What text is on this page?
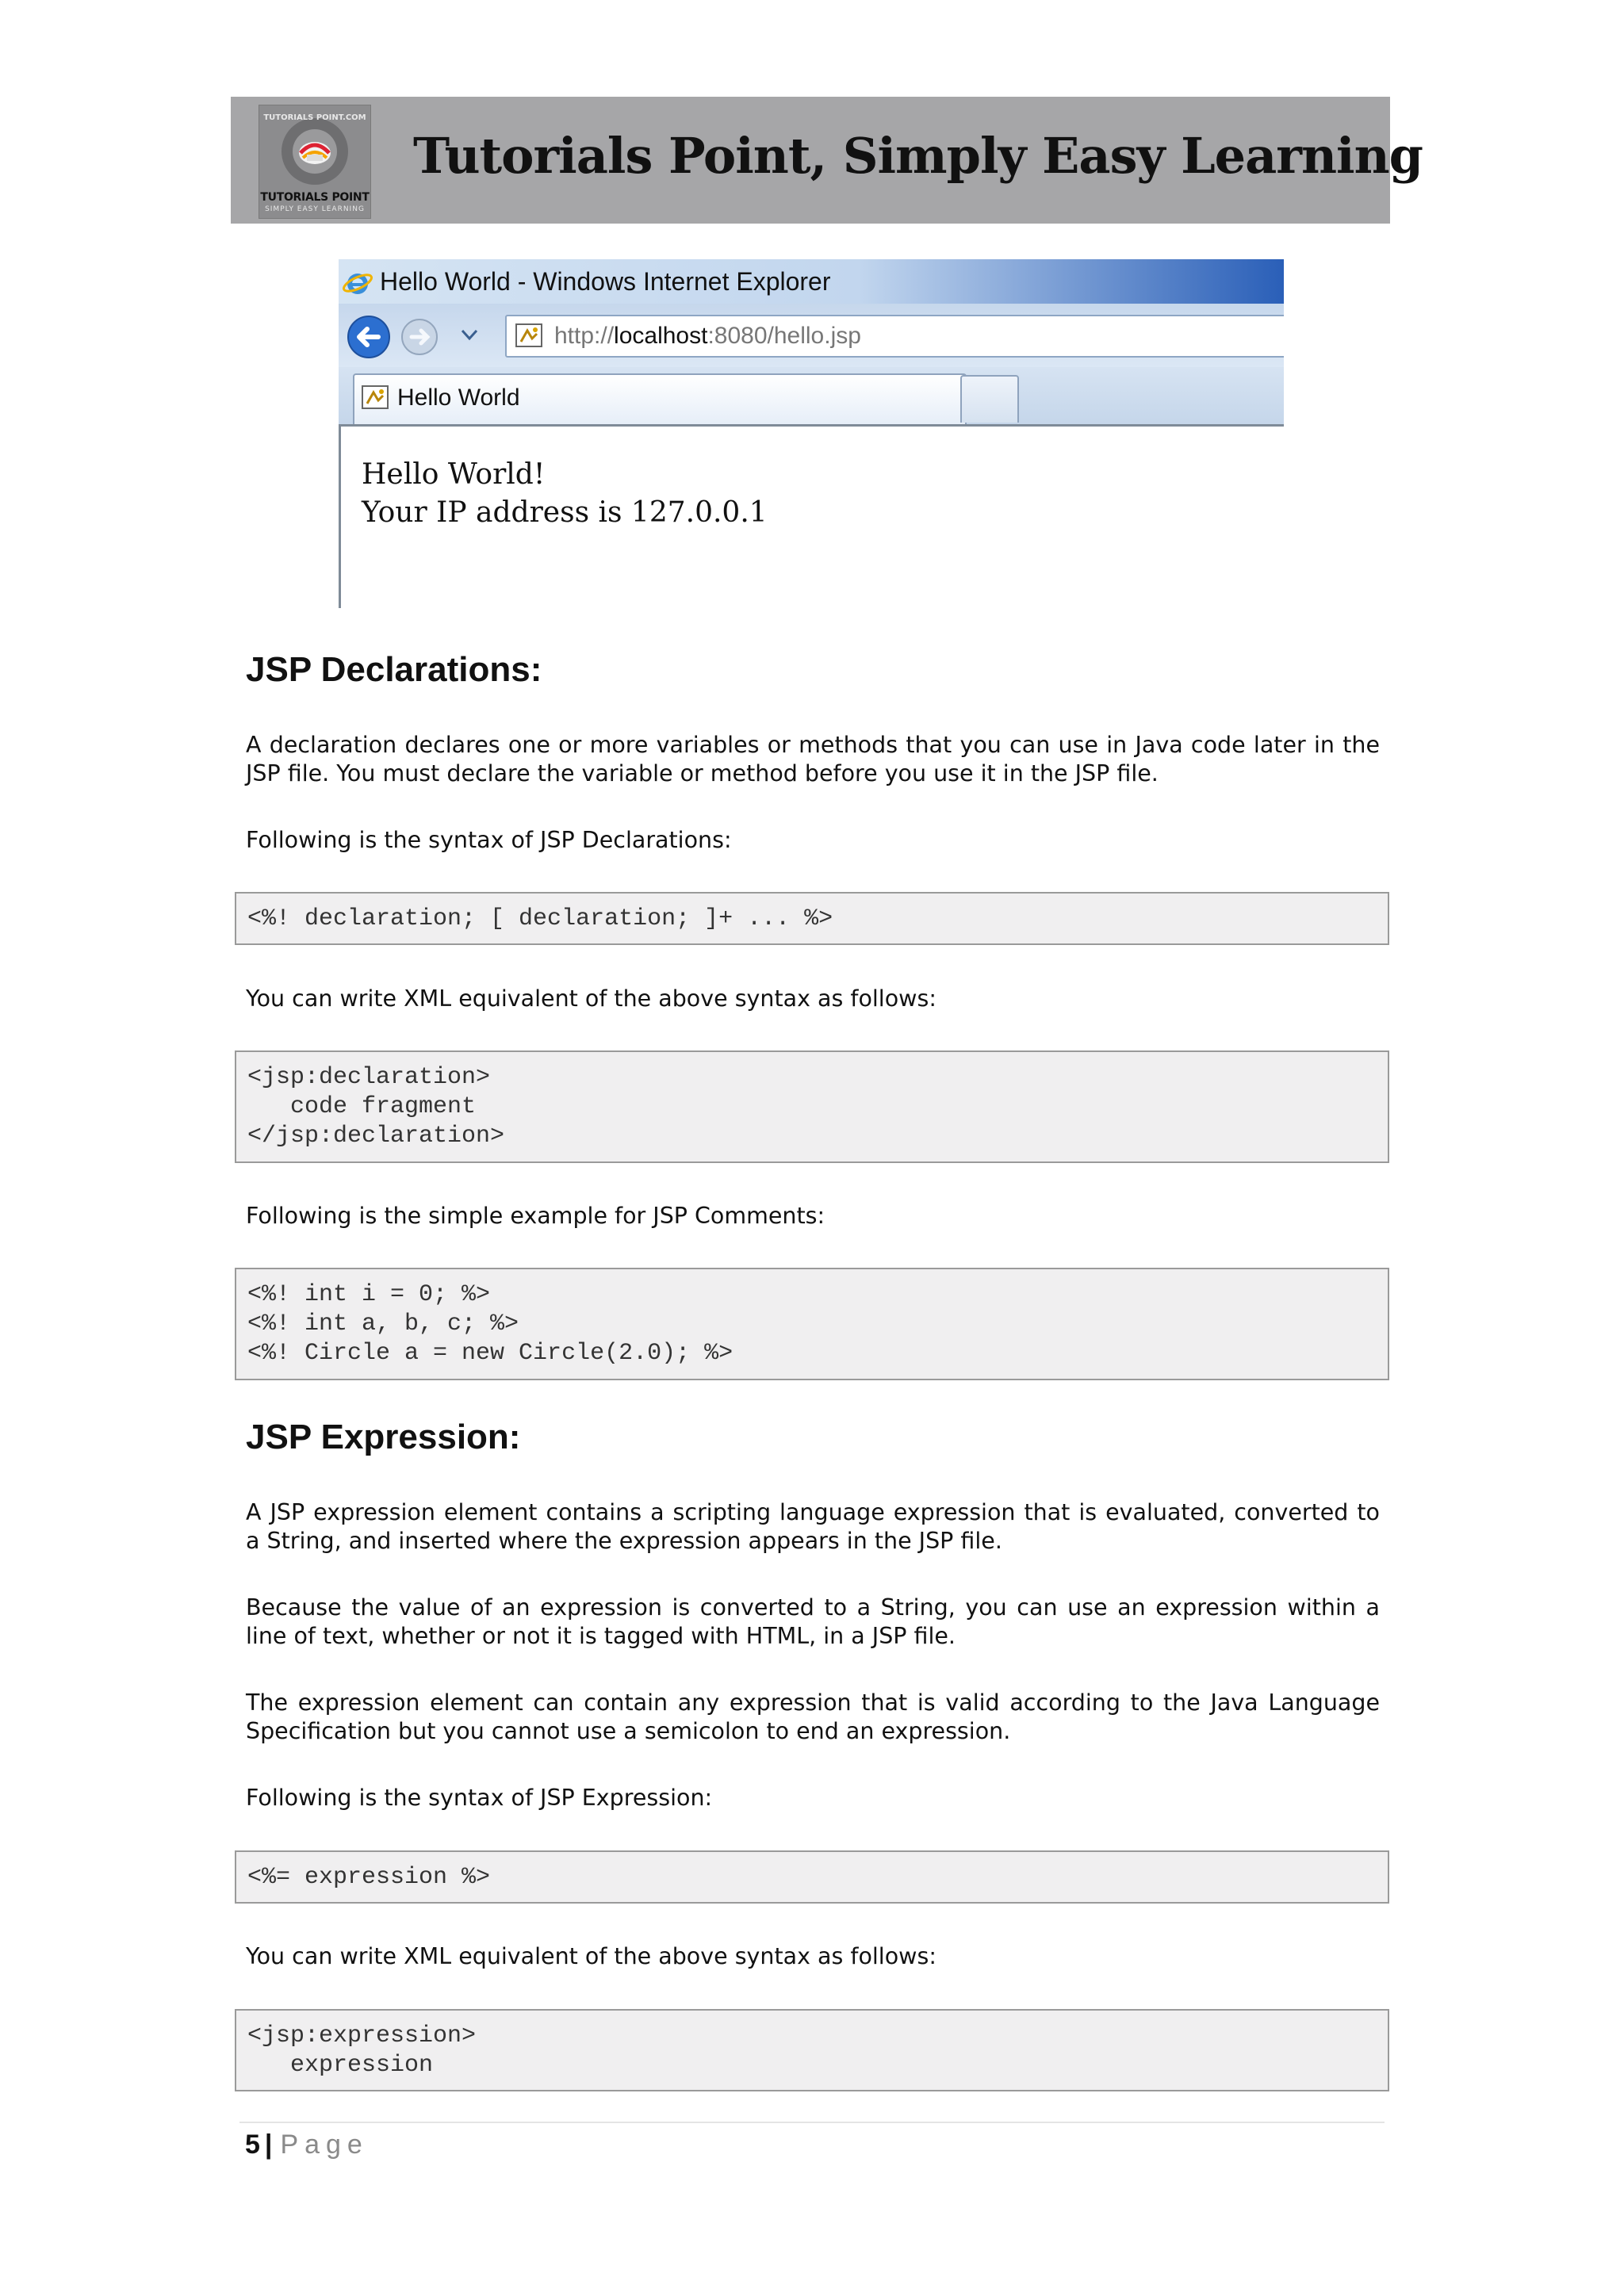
TUTORIALS POINT.COM
TUTORIALS POINT
SIMPLY EASY LEARNING
Tutorials Point, Simply Easy Learning
Hello World - Windows Internet Explorer
http://localhost:8080/hello.jsp
Hello World
Hello World!
Your IP address is 127.0.0.1
JSP Declarations:
A declaration declares one or more variables or methods that you can use in Java code later in the JSP file. You must declare the variable or method before you use it in the JSP file.
Following is the syntax of JSP Declarations:
<%! declaration; [ declaration; ]+ ... %>
You can write XML equivalent of the above syntax as follows:
<jsp:declaration>
code fragment
</jsp:declaration>
Following is the simple example for JSP Comments:
<%! int i = 0; %>
<%! int a, b, c; %>
<%! Circle a = new Circle(2.0); %>
JSP Expression:
A JSP expression element contains a scripting language expression that is evaluated, converted to a String, and inserted where the expression appears in the JSP file.
Because the value of an expression is converted to a String, you can use an expression within a line of text, whether or not it is tagged with HTML, in a JSP file.
The expression element can contain any expression that is valid according to the Java Language Specification but you cannot use a semicolon to end an expression.
Following is the syntax of JSP Expression:
<%= expression %>
You can write XML equivalent of the above syntax as follows:
<jsp:expression>
expression
5 | Page
